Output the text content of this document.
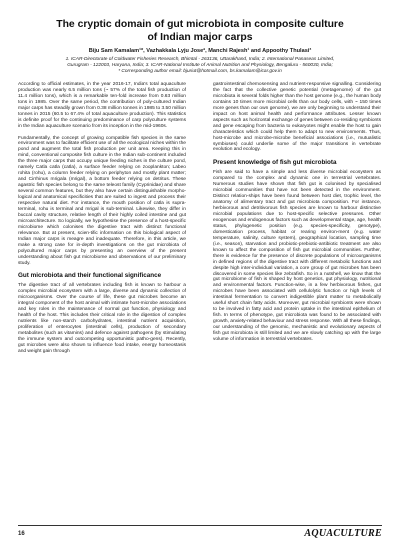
The cryptic domain of gut microbiota in composite culture
of Indian major carps
Biju Sam Kamalam¹*, Vazhakkala Lyju Jose², Manchi Rajesh¹ and Appoothy Thulasi³
1. ICAR-Directorate of Coldwater Fisheries Research, Bhimtal - 263136, Uttarakhand, India; 2. International Panaseas Limited,
Gurugram - 122003, Haryana, India; 3. ICAR-National Institute of Animal Nutrition and Physiology, Bengaluru - 560030, India;
* Corresponding author email: bjuriut@hotmail.com, bs.kamalam@icar.gov.in

According to official estimates, in the year 2016-17, India's total aquaculture production was nearly 6.5 million tons (~ 57% of the total fish production of 11.4 million tons), which is a remarkable ten-fold increase from 0.63 million tons in 1985. Over the same period, the contribution of poly-cultured Indian major carps has steadily grown from 0.38 million tonnes in 1985 to 3.50 million tonnes in 2015 (60.5 to 67.4% of total aquaculture production). This statistics is definite proof for the continuing predominance of carp polyculture systems in the Indian aquaculture scenario from its inception in the mid-1960s.

Fundamentally, the concept of growing compatible fish species in the same environment was to facilitate efficient use of all the ecological niches within the pond and augment the total fish production per unit area. Keeping this in mind, conventional composite fish culture in the Indian sub-continent included the three major carps that occupy unique feeding niches in the culture pond, namely Catla catla (catla), a surface feeder relying on zooplankton; Labeo rohita (rohu), a column feeder relying on periphyton and mostly plant matter; and Cirrhinus mrigala (mrigal), a bottom feeder relying on detritus. These agastric fish species belong to the same teleost family (Cyprinidae) and share several common features, but they also have certain distinguishable morpho-logical and anatomical specificities that are suited to ingest and process their respective natural diet. For instance, the mouth position of catla is supra-terminal, rohu is terminal and mrigal is sub-terminal. Likewise, they differ in buccal cavity structure, relative length of their highly coiled intestine and gut microarchitecture. So logically, we hypothesise the presence of a host-specific microbiome which colonises the digestive tract with distinct functional relevance. But at present, scien-tific information on this biological aspect of Indian major carps is meagre and inadequate. Therefore, in this article, we make a strong case for in-depth investigations on the gut microbiota of polycultured major carps by presenting an overview of the present understanding about fish gut microbiome and observations of our preliminary study.

Gut microbiota and their functional significance

The digestive tract of all vertebrates including fish is known to harbour a complex microbial ecosystem with a large, diverse and dynamic collection of microorganisms. Over the course of life, these gut microbes become an integral component of the host animal with intimate host-microbe associations and key roles in the maintenance of normal gut function, physiology and health of the host. This includes their critical role in the digestion of complex nutrients like non-starch carbohydrates, intestinal nutrient acquisition, proliferation of enterocytes (intestinal cells), production of secondary metabolites (such as vitamins) and defence against pathogens (by stimulating the immune system and outcompeting opportunistic patho-gens). Recently, gut microbes were also shown to influence food intake, energy homeostasis and weight gain through

gastrointestinal chemosensing and nutrient-responsive signalling. Considering the fact that the collective genetic potential (metagenome) of the gut microbiota is several folds higher than the host genome (e.g., the human body contains 10 times more microbial cells than our body cells, with ~ 150 times more genes than our own genome), we are only beginning to understand their impact on host animal health and performance attributes. Lesser known aspects such as horizontal exchange of genes between co-residing symbionts and gene escaping from bacteria to eukaryotes might enable the host to gain characteristics which could help them to adapt to new environments. Thus, host-microbe and microbe-microbe beneficial associations (i.e., mutualistic symbioses) could underlie some of the major transitions in vertebrate evolution and ecology.

Present knowledge of fish gut microbiota

Fish are said to have a simple and less diverse microbial ecosystem as compared to the complex and dynamic one in terrestrial vertebrates. Numerous studies have shown that fish gut is colonised by specialised microbial communities that have not been detected in the environment. Distinct relation-ships have been found between host diet, trophic level, the anatomy of alimentary tract and gut microbiota composition. For instance, herbivorous and detritivorous fish species are known to harbour distinctive microbial populations due to host-specific selective pressures. Other exogenous and endogenous factors such as developmental stage, age, health status, phylogenetic position (e.g. species-specificity, genotype), domestication process, habitat or rearing environ-ment (e.g. water temperature, salinity, culture system), geographical location, sampling time (i.e., season), starvation and probiotic-prebiotic-antibiotic treatment are also known to affect the composition of fish gut microbial communities. Further, there is evidence for the presence of discrete populations of microorganisms in defined regions of the digestive tract with different metabolic functions and despite high inter-individual variation, a core group of gut microbes has been discovered in some species like zebrafish. So in a nutshell, we know that the gut microbiome of fish is shaped by host genetics, gut physiology, nutritional and environmental factors. Function-wise, in a few herbivorous fishes, gut microbes have been associated with cellulolytic function or high levels of intestinal fermentation to convert indigestible plant matter to metabolically useful short chain fatty acids. Moreover, gut microbial symbionts were shown to be involved in fatty acid and protein uptake in the intestinal epithelium of fish. In terms of phenotype, gut microbiota was found to be associated with growth, anxiety-related behaviour and stress response. With all these findings, our understanding of the genomic, mechanistic and evolutionary aspects of fish gut microbiota is still limited and we are slowly catching up with the large volume of information in terrestrial vertebrates.

16	AQUACULTURE
